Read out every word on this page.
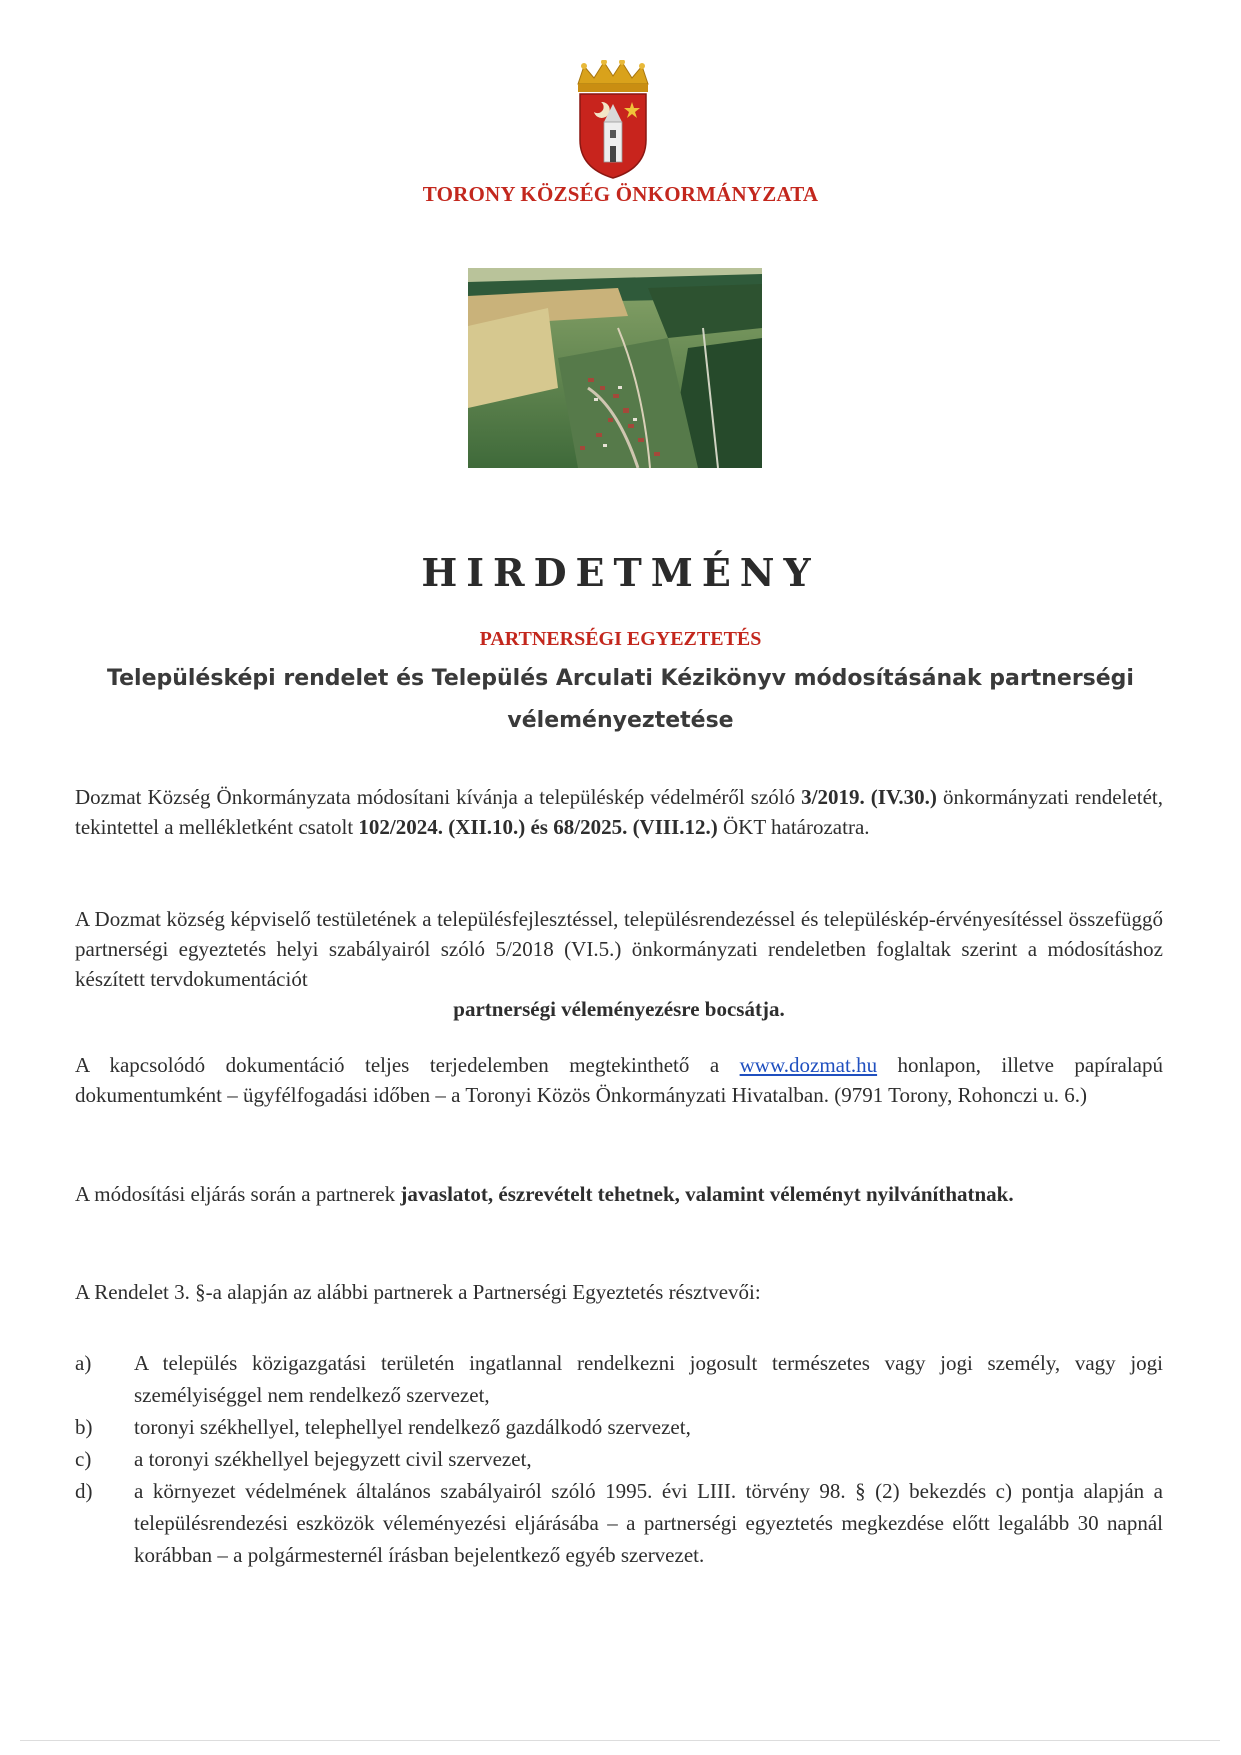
TORONY KÖZSÉG ÖNKORMÁNYZATA
HIRDETMÉNY
PARTNERSÉGI EGYEZTETÉS
Településképi rendelet és Település Arculati Kézikönyv módosításának partnerségi
véleményeztetése
Dozmat Község Önkormányzata módosítani kívánja a településkép védelméről szóló 3/2019. (IV.30.) önkormányzati rendeletét, tekintettel a mellékletként csatolt 102/2024. (XII.10.) és 68/2025. (VIII.12.) ÖKT határozatra.
A Dozmat község képviselő testületének a településfejlesztéssel, településrendezéssel és településkép-érvényesítéssel összefüggő partnerségi egyeztetés helyi szabályairól szóló 5/2018 (VI.5.) önkormányzati rendeletben foglaltak szerint a módosításhoz készített tervdokumentációt
partnerségi véleményezésre bocsátja.
A kapcsolódó dokumentáció teljes terjedelemben megtekinthető a www.dozmat.hu honlapon, illetve papíralapú dokumentumként – ügyfélfogadási időben – a Toronyi Közös Önkormányzati Hivatalban. (9791 Torony, Rohonczi u. 6.)
A módosítási eljárás során a partnerek javaslatot, észrevételt tehetnek, valamint véleményt nyilváníthatnak.
A Rendelet 3. §-a alapján az alábbi partnerek a Partnerségi Egyeztetés résztvevői:
a) A település közigazgatási területén ingatlannal rendelkezni jogosult természetes vagy jogi személy, vagy jogi személyiséggel nem rendelkező szervezet,
b) toronyi székhellyel, telephellyel rendelkező gazdálkodó szervezet,
c) a toronyi székhellyel bejegyzett civil szervezet,
d) a környezet védelmének általános szabályairól szóló 1995. évi LIII. törvény 98. § (2) bekezdés c) pontja alapján a településrendezési eszközök véleményezési eljárásába – a partnerségi egyeztetés megkezdése előtt legalább 30 napnál korábban – a polgármesternél írásban bejelentkező egyéb szervezet.
